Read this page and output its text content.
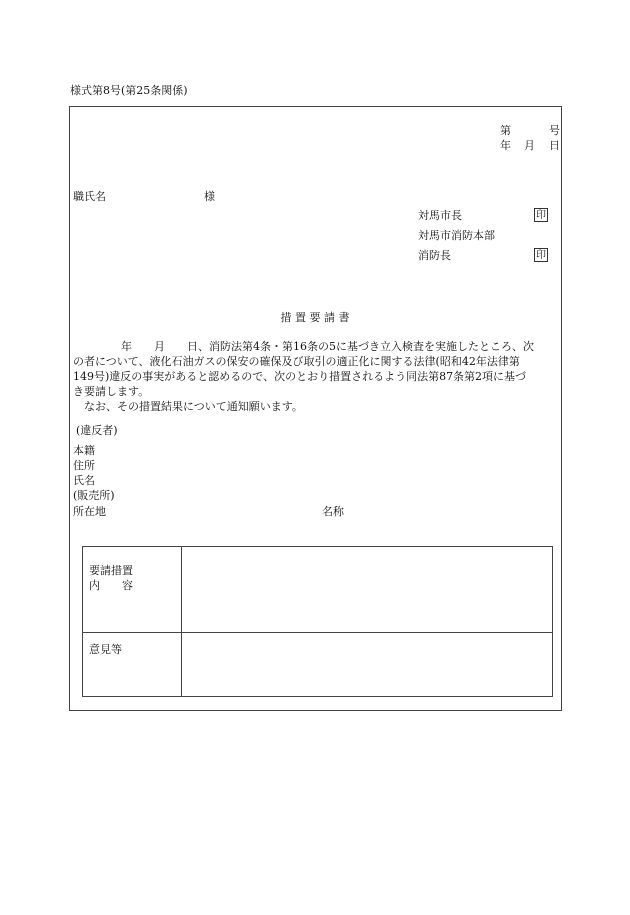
様式第8号(第25条関係)
第	号
年 月 日
職氏名	様
対馬市長	印
対馬市消防本部
消防長	印
措 置 要 請 書

年　　月　　日、消防法第4条・第16条の5に基づき立入検査を実施したところ、次

の者について、液化石油ガスの保安の確保及び取引の適正化に関する法律(昭和42年法律第

149号)違反の事実があると認めるので、次のとおり措置されるよう同法第87条第2項に基づ

き要請します。

なお、その措置結果について通知願います。

(違反者)
本籍
住所
氏名
(販売所)
所在地	名称
要請措置
内　　容	

意見等	
